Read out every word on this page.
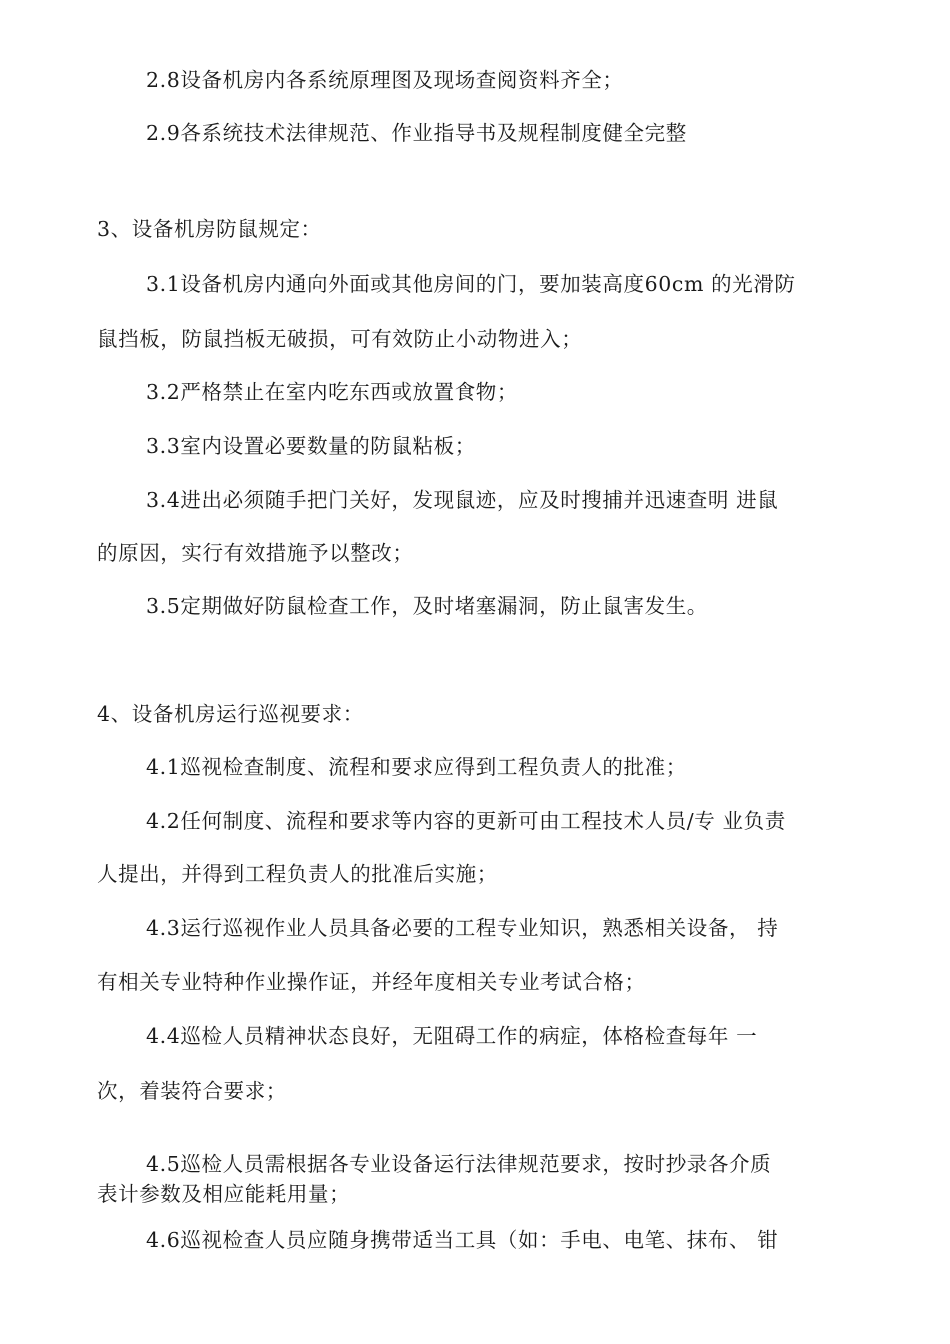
2.8设备机房内各系统原理图及现场查阅资料齐全；
2.9各系统技术法律规范、作业指导书及规程制度健全完整
3、设备机房防鼠规定：
3.1设备机房内通向外面或其他房间的门，要加装高度60cm 的光滑防
鼠挡板，防鼠挡板无破损，可有效防止小动物进入；
3.2严格禁止在室内吃东西或放置食物；
3.3室内设置必要数量的防鼠粘板；
3.4进出必须随手把门关好，发现鼠迹，应及时搜捕并迅速查明 进鼠
的原因，实行有效措施予以整改；
3.5定期做好防鼠检查工作，及时堵塞漏洞，防止鼠害发生。
4、设备机房运行巡视要求：
4.1巡视检查制度、流程和要求应得到工程负责人的批准；
4.2任何制度、流程和要求等内容的更新可由工程技术人员/专 业负责
人提出，并得到工程负责人的批准后实施；
4.3运行巡视作业人员具备必要的工程专业知识，熟悉相关设备， 持
有相关专业特种作业操作证，并经年度相关专业考试合格；
4.4巡检人员精神状态良好，无阻碍工作的病症，体格检查每年 一
次，着装符合要求；
4.5巡检人员需根据各专业设备运行法律规范要求，按时抄录各介质
表计参数及相应能耗用量；
4.6巡视检查人员应随身携带适当工具（如：手电、电笔、抹布、 钳
